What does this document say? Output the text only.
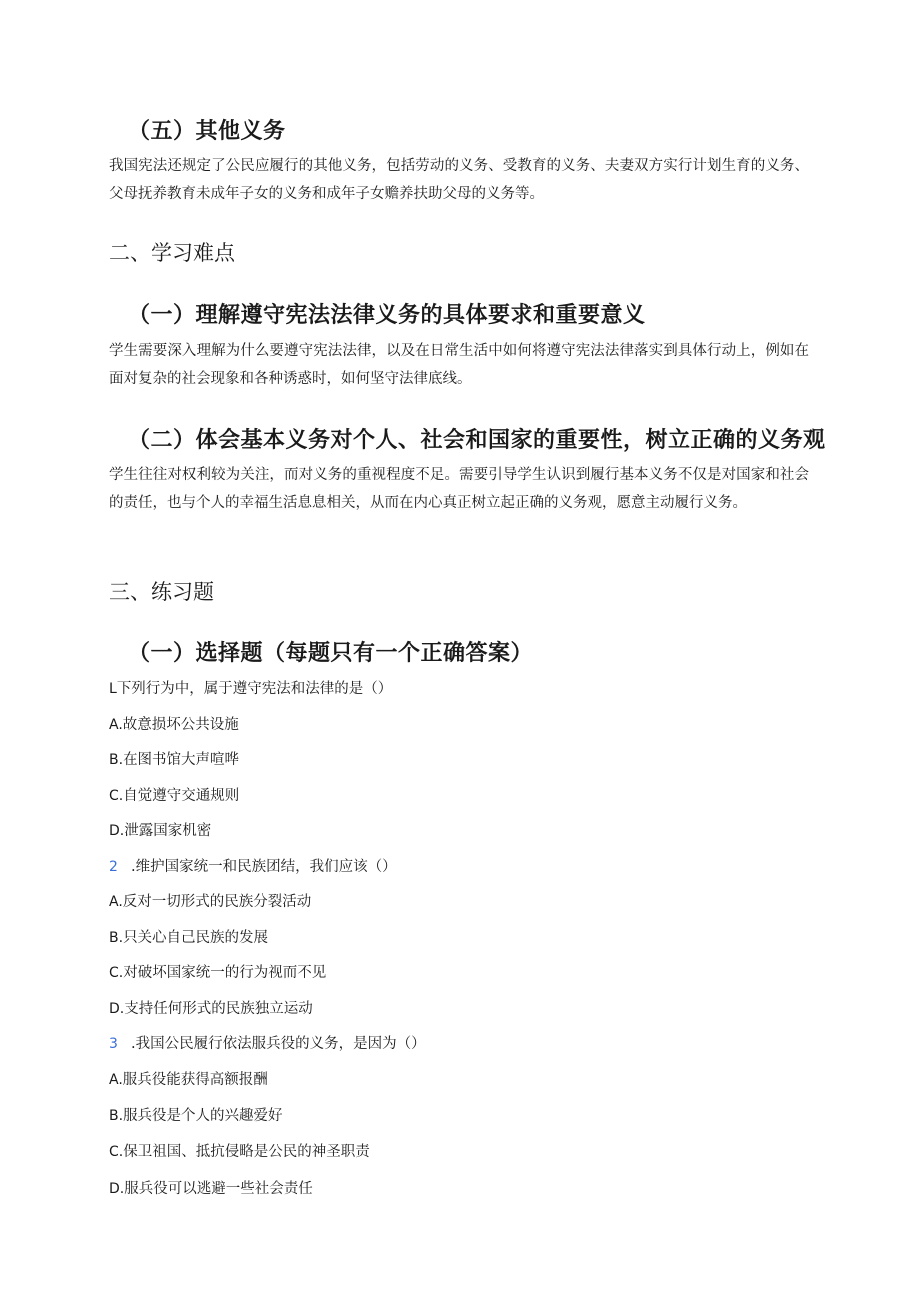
（五）其他义务

我国宪法还规定了公民应履行的其他义务，包括劳动的义务、受教育的义务、夫妻双方实行计划生育的义务、父母抚养教育未成年子女的义务和成年子女赡养扶助父母的义务等。

二、学习难点
（一）理解遵守宪法法律义务的具体要求和重要意义

学生需要深入理解为什么要遵守宪法法律，以及在日常生活中如何将遵守宪法法律落实到具体行动上，例如在面对复杂的社会现象和各种诱惑时，如何坚守法律底线。

（二）体会基本义务对个人、社会和国家的重要性，树立正确的义务观

学生往往对权利较为关注，而对义务的重视程度不足。需要引导学生认识到履行基本义务不仅是对国家和社会的责任，也与个人的幸福生活息息相关，从而在内心真正树立起正确的义务观，愿意主动履行义务。

三、练习题
（一）选择题（每题只有一个正确答案）

L下列行为中，属于遵守宪法和法律的是（）

A.故意损坏公共设施

B.在图书馆大声喧哗

C.自觉遵守交通规则

D.泄露国家机密

2 .维护国家统一和民族团结，我们应该（）

A.反对一切形式的民族分裂活动

B.只关心自己民族的发展

C.对破坏国家统一的行为视而不见

D.支持任何形式的民族独立运动

3 .我国公民履行依法服兵役的义务，是因为（）

A.服兵役能获得高额报酬

B.服兵役是个人的兴趣爱好

C.保卫祖国、抵抗侵略是公民的神圣职责

D.服兵役可以逃避一些社会责任
